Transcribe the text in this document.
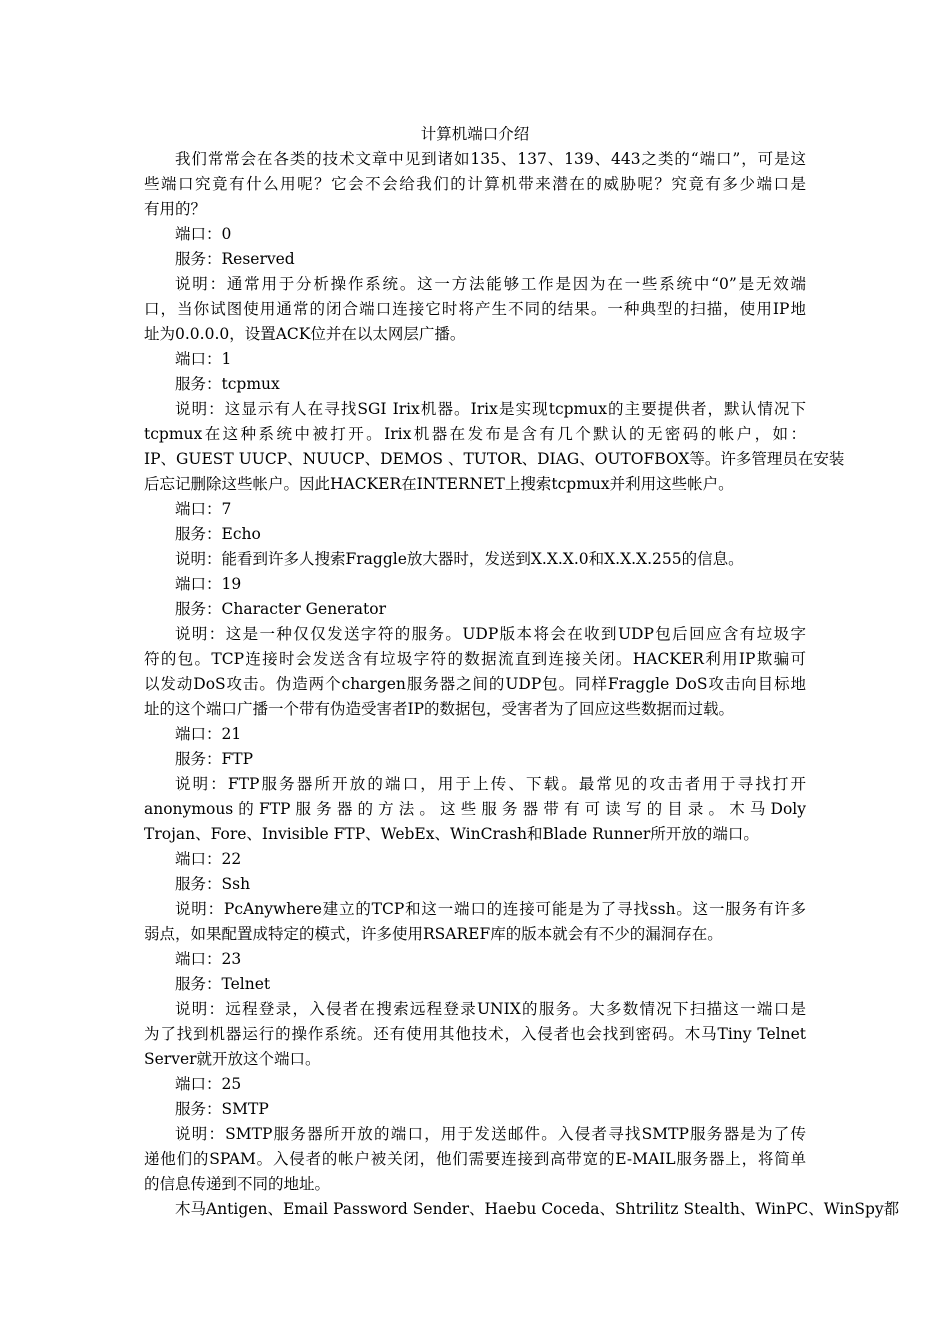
计算机端口介绍
我们常常会在各类的技术文章中见到诸如135、137、139、443之类的“端口”，可是这
些端口究竟有什么用呢？它会不会给我们的计算机带来潜在的威胁呢？究竟有多少端口是
有用的？
端口：0
服务：Reserved
说明：通常用于分析操作系统。这一方法能够工作是因为在一些系统中“0”是无效端
口，当你试图使用通常的闭合端口连接它时将产生不同的结果。一种典型的扫描，使用IP地
址为0.0.0.0，设置ACK位并在以太网层广播。
端口：1
服务：tcpmux
说明：这显示有人在寻找SGI Irix机器。Irix是实现tcpmux的主要提供者，默认情况下
tcpmux在这种系统中被打开。Irix机器在发布是含有几个默认的无密码的帐户，如：
IP、GUEST UUCP、NUUCP、DEMOS 、TUTOR、DIAG、OUTOFBOX等。许多管理员在安装
后忘记删除这些帐户。因此HACKER在INTERNET上搜索tcpmux并利用这些帐户。
端口：7
服务：Echo
说明：能看到许多人搜索Fraggle放大器时，发送到X.X.X.0和X.X.X.255的信息。
端口：19
服务：Character Generator
说明：这是一种仅仅发送字符的服务。UDP版本将会在收到UDP包后回应含有垃圾字
符的包。TCP连接时会发送含有垃圾字符的数据流直到连接关闭。HACKER利用IP欺骗可
以发动DoS攻击。伪造两个chargen服务器之间的UDP包。同样Fraggle DoS攻击向目标地
址的这个端口广播一个带有伪造受害者IP的数据包，受害者为了回应这些数据而过载。
端口：21
服务：FTP
说明：FTP服务器所开放的端口，用于上传、下载。最常见的攻击者用于寻找打开
anonymous 的 FTP 服 务 器 的 方 法 。 这 些 服 务 器 带 有 可 读 写 的 目 录 。 木 马 Doly
Trojan、Fore、Invisible FTP、WebEx、WinCrash和Blade Runner所开放的端口。
端口：22
服务：Ssh
说明：PcAnywhere建立的TCP和这一端口的连接可能是为了寻找ssh。这一服务有许多
弱点，如果配置成特定的模式，许多使用RSAREF库的版本就会有不少的漏洞存在。
端口：23
服务：Telnet
说明：远程登录，入侵者在搜索远程登录UNIX的服务。大多数情况下扫描这一端口是
为了找到机器运行的操作系统。还有使用其他技术，入侵者也会找到密码。木马Tiny Telnet
Server就开放这个端口。
端口：25
服务：SMTP
说明：SMTP服务器所开放的端口，用于发送邮件。入侵者寻找SMTP服务器是为了传
递他们的SPAM。入侵者的帐户被关闭，他们需要连接到高带宽的E-MAIL服务器上，将简单
的信息传递到不同的地址。
木马Antigen、Email Password Sender、Haebu Coceda、Shtrilitz Stealth、WinPC、WinSpy都
